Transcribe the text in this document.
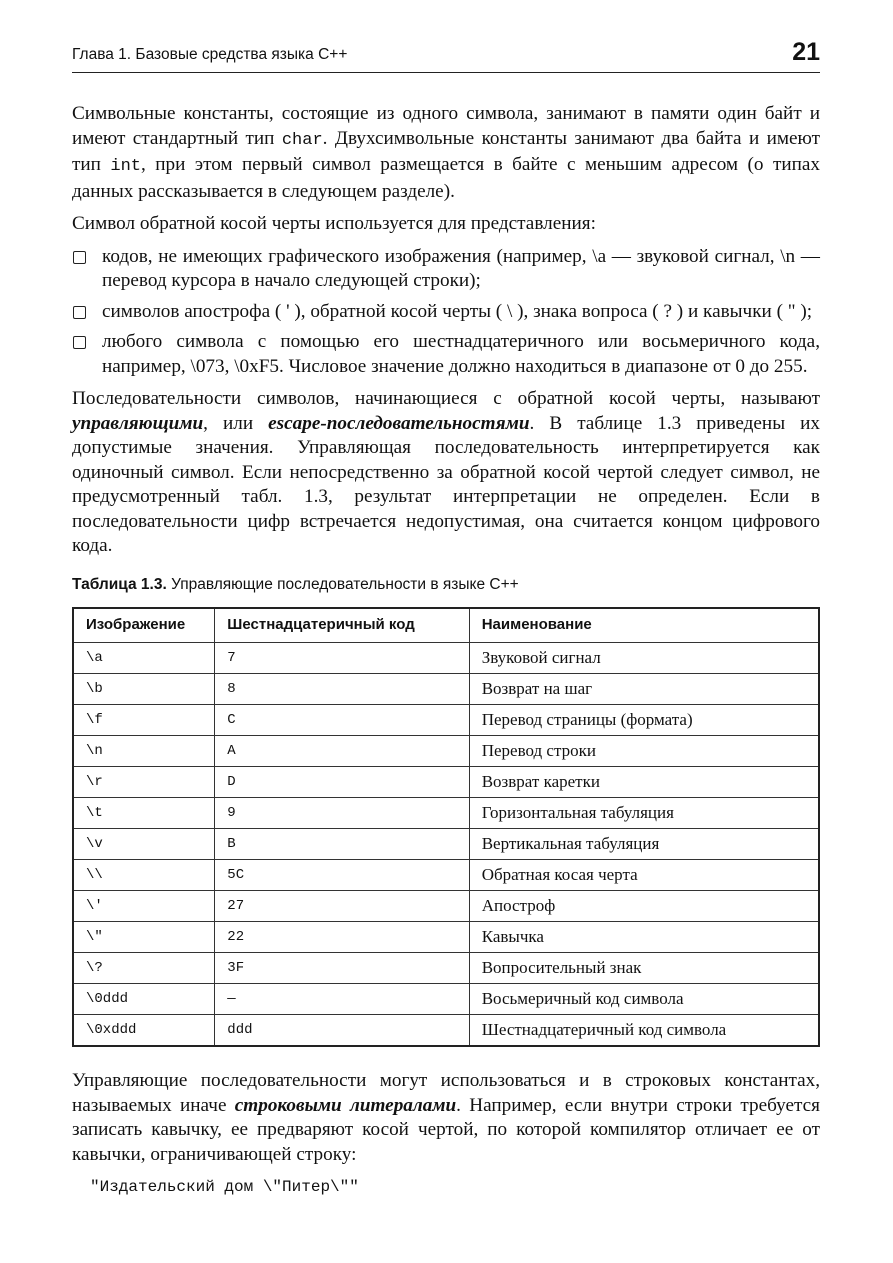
Глава 1. Базовые средства языка С++	21

Символьные константы, состоящие из одного символа, занимают в памяти один байт и имеют стандартный тип char. Двухсимвольные константы занимают два байта и имеют тип int, при этом первый символ размещается в байте с меньшим адресом (о типах данных рассказывается в следующем разделе).

Символ обратной косой черты используется для представления:

кодов, не имеющих графического изображения (например, \a — звуковой сигнал, \n — перевод курсора в начало следующей строки);
символов апострофа ( ' ), обратной косой черты ( \ ), знака вопроса ( ? ) и кавычки ( " );
любого символа с помощью его шестнадцатеричного или восьмеричного кода, например, \073, \0xF5. Числовое значение должно находиться в диапазоне от 0 до 255.

Последовательности символов, начинающиеся с обратной косой черты, называют управляющими, или escape-последовательностями. В таблице 1.3 приведены их допустимые значения. Управляющая последовательность интерпретируется как одиночный символ. Если непосредственно за обратной косой чертой следует символ, не предусмотренный табл. 1.3, результат интерпретации не определен. Если в последовательности цифр встречается недопустимая, она считается концом цифрового кода.

Таблица 1.3. Управляющие последовательности в языке С++
Изображение	Шестнадцатеричный код	Наименование
\a	7	Звуковой сигнал
\b	8	Возврат на шаг
\f	C	Перевод страницы (формата)
\n	A	Перевод строки
\r	D	Возврат каретки
\t	9	Горизонтальная табуляция
\v	B	Вертикальная табуляция
\\	5C	Обратная косая черта
\'	27	Апостроф
\"	22	Кавычка
\?	3F	Вопросительный знак
\0ddd	—	Восьмеричный код символа
\0xddd	ddd	Шестнадцатеричный код символа

Управляющие последовательности могут использоваться и в строковых константах, называемых иначе строковыми литералами. Например, если внутри строки требуется записать кавычку, ее предваряют косой чертой, по которой компилятор отличает ее от кавычки, ограничивающей строку:

"Издательский дом \"Питер\""
